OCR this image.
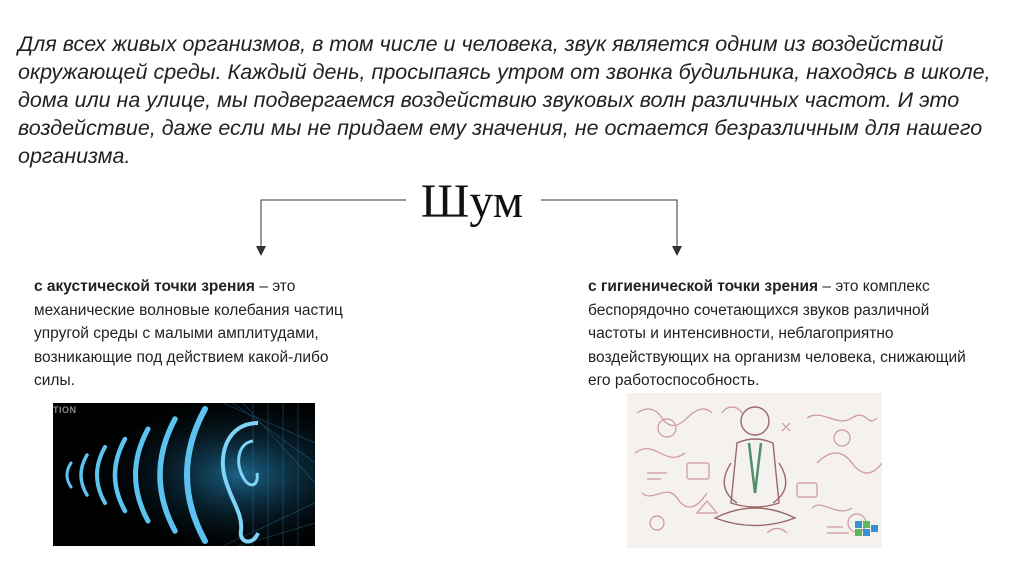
Для всех живых организмов, в том числе и человека, звук является одним из воздействий окружающей среды. Каждый день, просыпаясь утром от звонка будильника, находясь в школе, дома или на улице, мы подвергаемся воздействию звуковых волн различных частот. И это воздействие, даже если мы не придаем ему значения, не остается безразличным для нашего организма.

Шум

с акустической точки зрения – это механические волновые колебания частиц упругой среды с малыми амплитудами, возникающие под действием какой-либо силы.

с гигиенической точки зрения – это комплекс беспорядочно сочетающихся звуков различной частоты и интенсивности, неблагоприятно воздействующих на организм человека, снижающий его работоспособность.

TION
